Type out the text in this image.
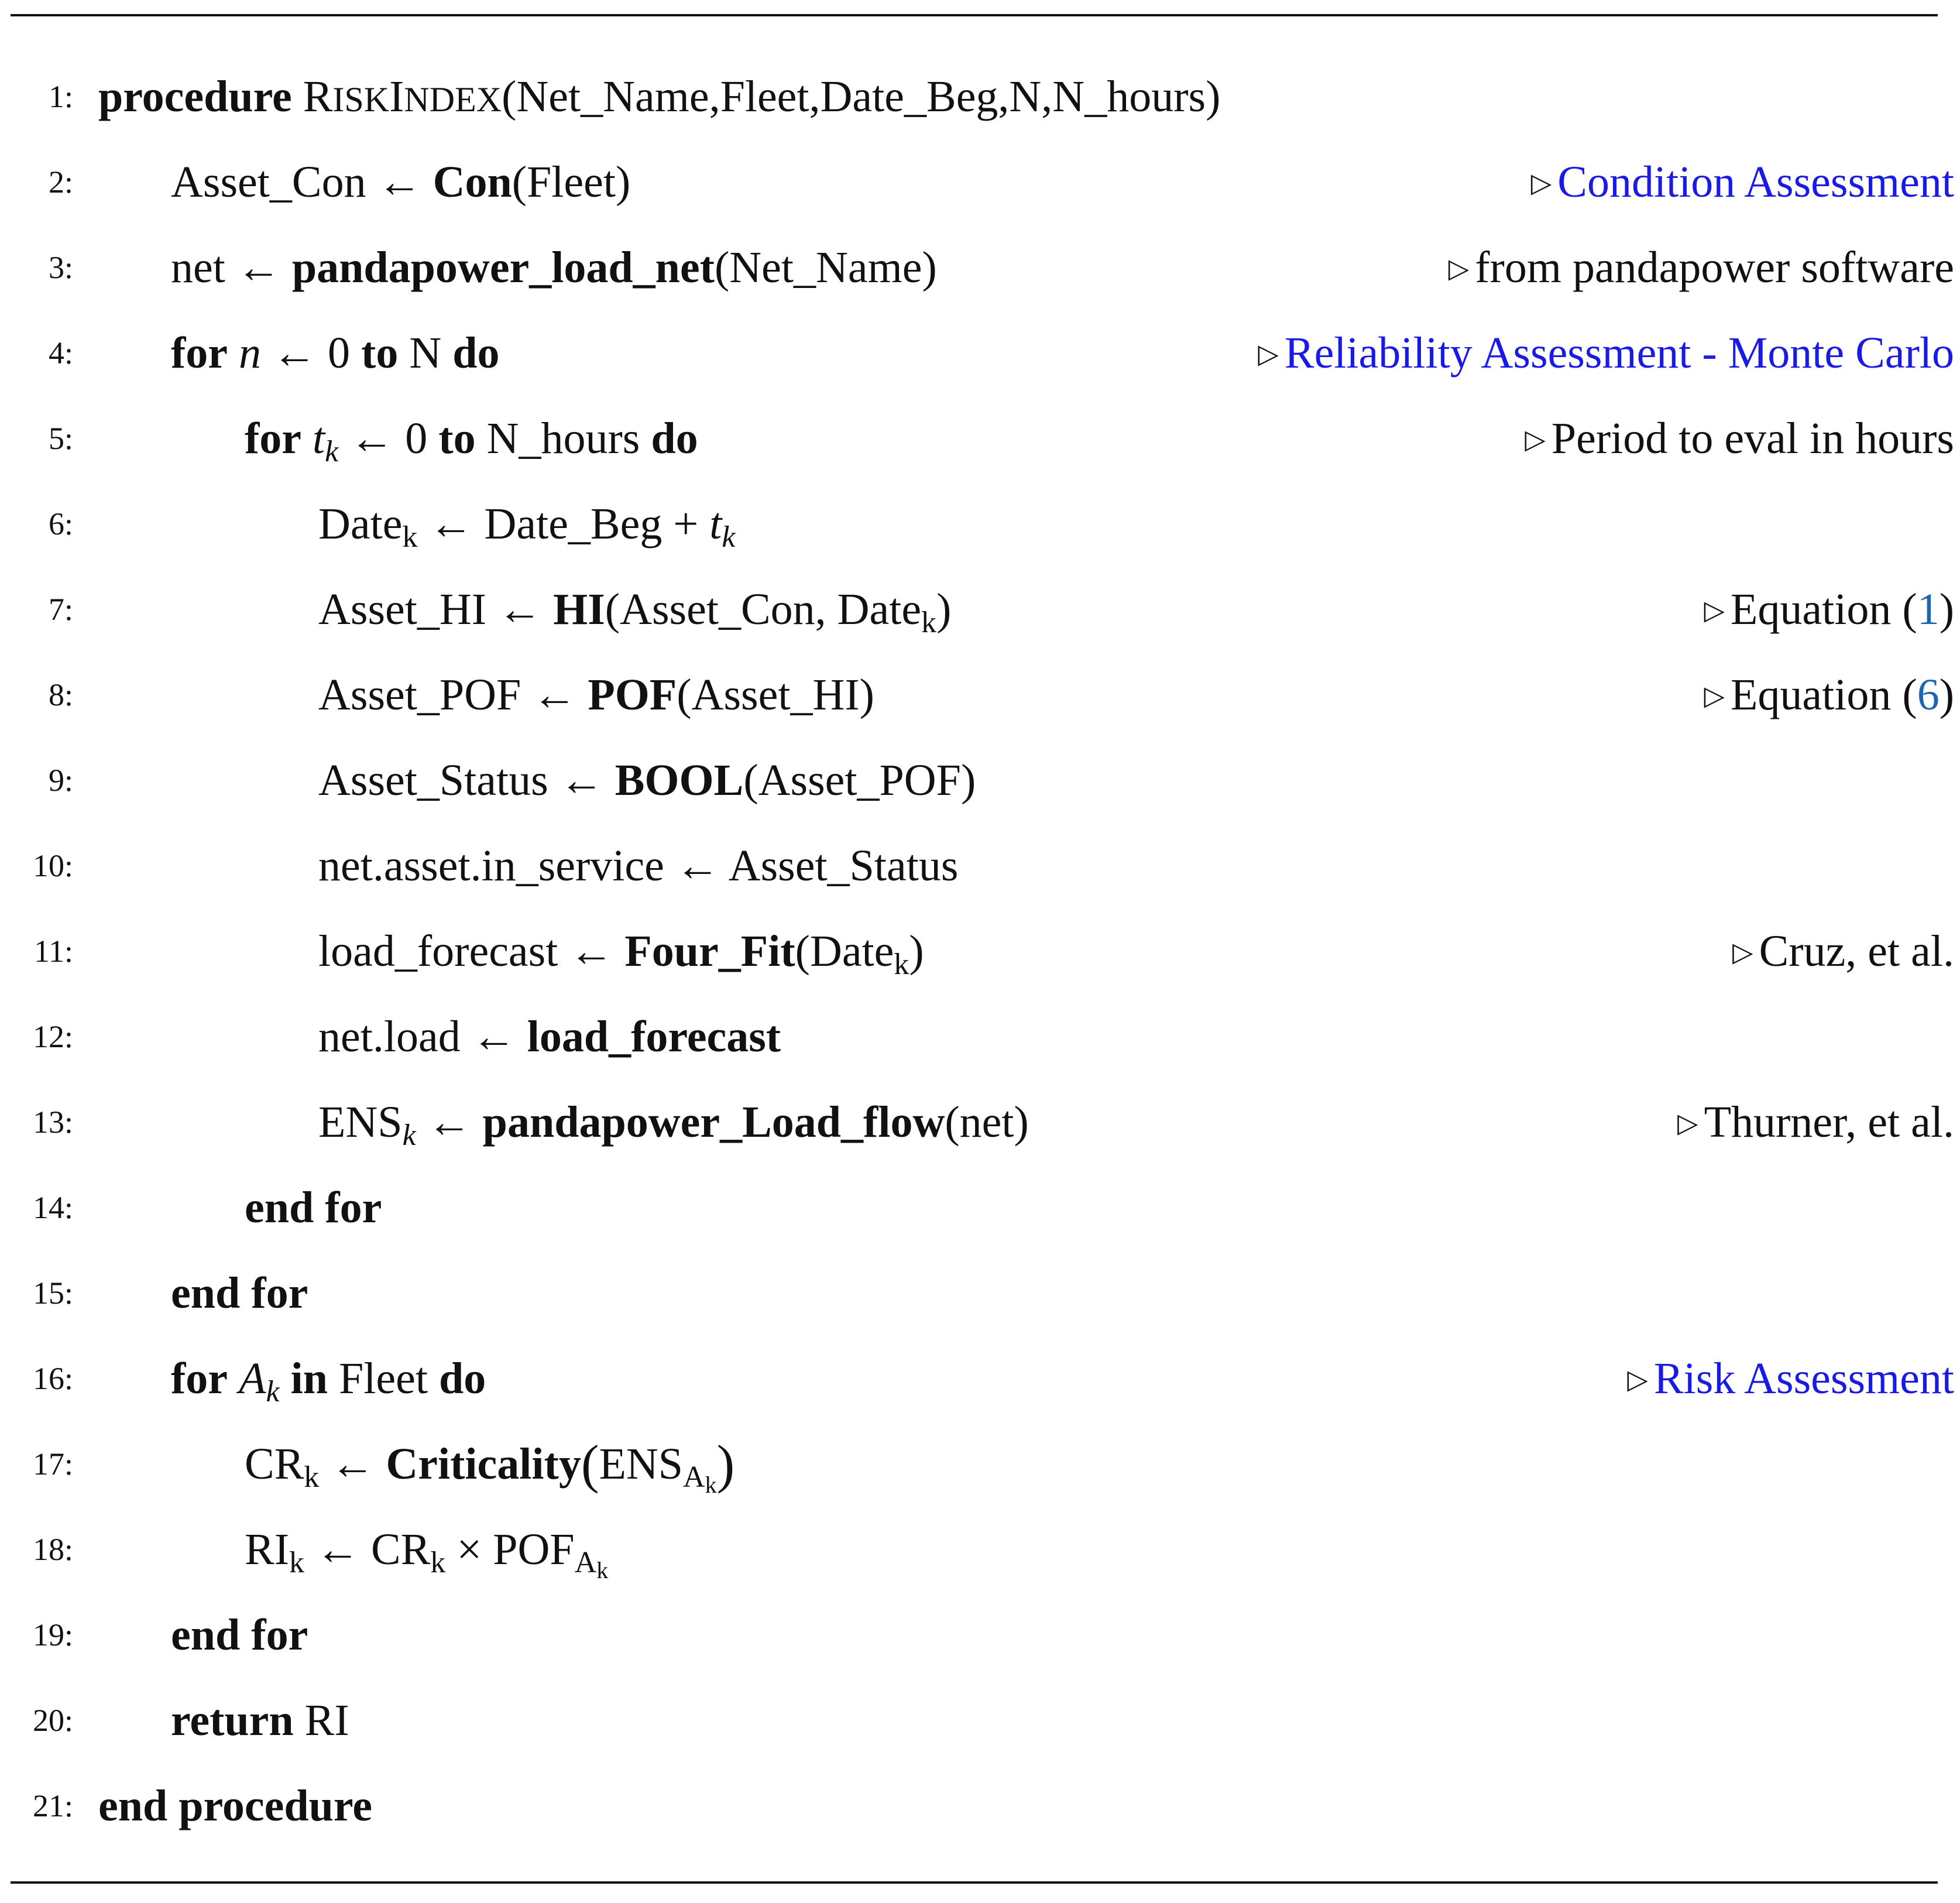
1: procedure RISKINDEX(Net_Name,Fleet,Date_Beg,N,N_hours)
2: Asset_Con ← Con(Fleet)	▷ Condition Assessment
3: net ← pandapower_load_net(Net_Name)	▷ from pandapower software
4: for n ← 0 to N do	▷ Reliability Assessment - Monte Carlo
5:	for $t_k$ ← 0 to N_hours do	▷ Period to eval in hours
6:	Date$_k$ ← Date_Beg + $t_k$
7:	Asset_HI ← HI(Asset_Con, Date$_k$)	▷ Equation (1)
8:	Asset_POF ← POF(Asset_HI)	▷ Equation (6)
9:	Asset_Status ← BOOL(Asset_POF)
10:	net.asset.in_service ← Asset_Status
11:	load_forecast ← Four_Fit(Date$_k$)	▷ Cruz, et al.
12:	net.load ← load_forecast
13:	$ENS_k$ ← pandapower_Load_flow(net)	▷ Thurner, et al.
14:	end for
15: end for
16: for $A_k$ in Fleet do	▷ Risk Assessment
17:	$CR_k$ ← $Criticality(ENS_{A_k})$
18:	$RI_k$ ← $CR_k \times POF_{A_k}$
19: end for
20: return RI
21: end procedure
